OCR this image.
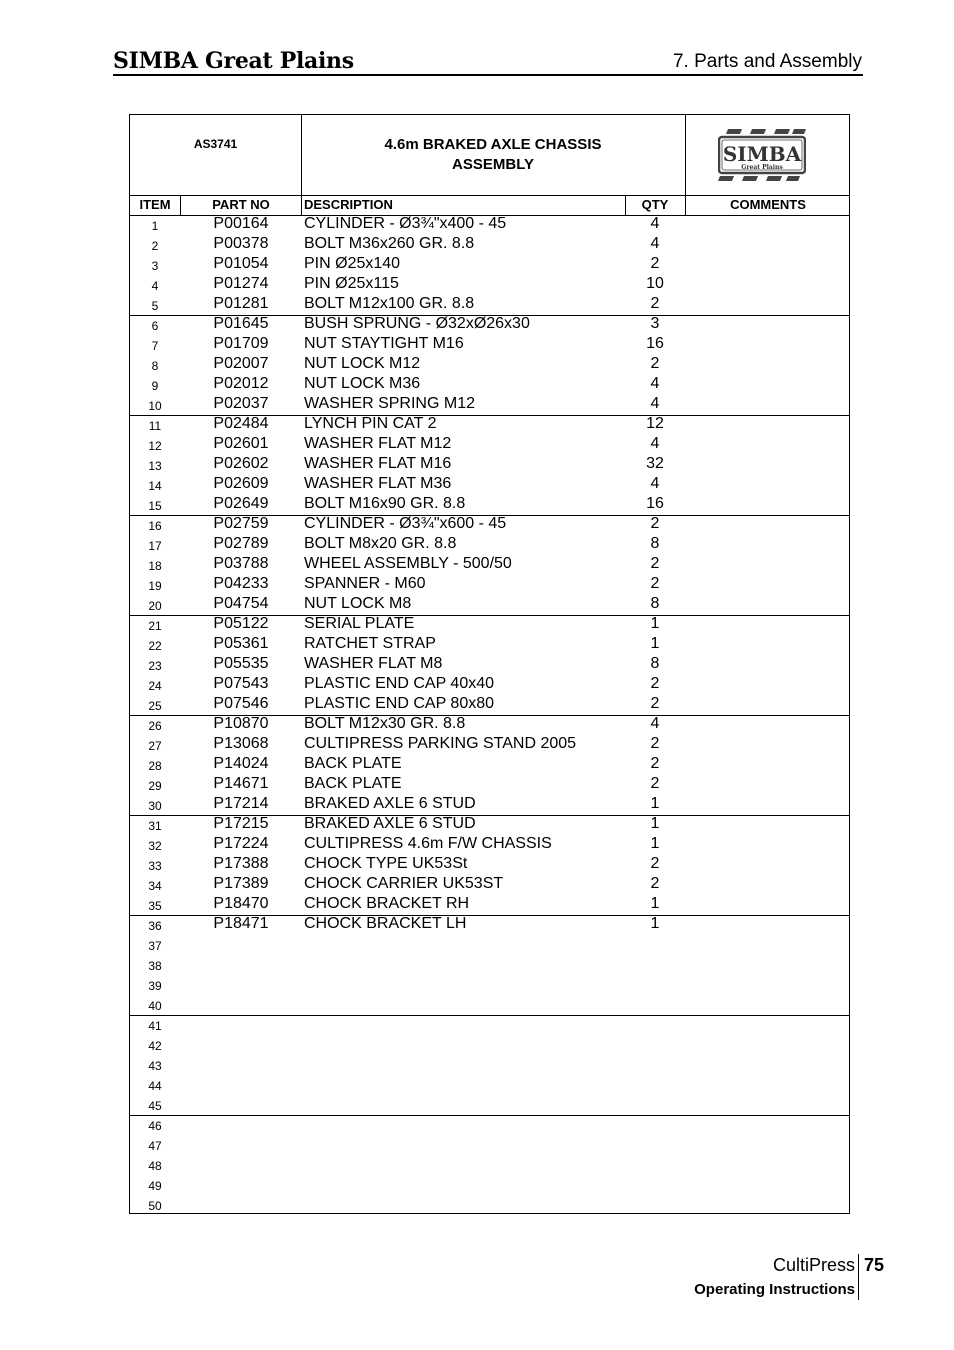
SIMBA Great Plains	7. Parts and Assembly
AS3741	4.6m BRAKED AXLE CHASSIS
ASSEMBLY	SIMBA
Great Plains
ITEM	PART NO	DESCRIPTION	QTY	COMMENTS
1	P00164	CYLINDER - Ø3¾"x400 - 45	4
2	P00378	BOLT M36x260 GR. 8.8	4
3	P01054	PIN Ø25x140	2
4	P01274	PIN Ø25x115	10
5	P01281	BOLT M12x100 GR. 8.8	2
6	P01645	BUSH SPRUNG - Ø32xØ26x30	3
7	P01709	NUT STAYTIGHT M16	16
8	P02007	NUT LOCK M12	2
9	P02012	NUT LOCK M36	4
10	P02037	WASHER SPRING M12	4
11	P02484	LYNCH PIN CAT 2	12
12	P02601	WASHER FLAT M12	4
13	P02602	WASHER FLAT M16	32
14	P02609	WASHER FLAT M36	4
15	P02649	BOLT M16x90 GR. 8.8	16
16	P02759	CYLINDER - Ø3¾"x600 - 45	2
17	P02789	BOLT M8x20 GR. 8.8	8
18	P03788	WHEEL ASSEMBLY - 500/50	2
19	P04233	SPANNER - M60	2
20	P04754	NUT LOCK M8	8
21	P05122	SERIAL PLATE	1
22	P05361	RATCHET STRAP	1
23	P05535	WASHER FLAT M8	8
24	P07543	PLASTIC END CAP 40x40	2
25	P07546	PLASTIC END CAP 80x80	2
26	P10870	BOLT M12x30 GR. 8.8	4
27	P13068	CULTIPRESS PARKING STAND 2005	2
28	P14024	BACK PLATE	2
29	P14671	BACK PLATE	2
30	P17214	BRAKED AXLE 6 STUD	1
31	P17215	BRAKED AXLE 6 STUD	1
32	P17224	CULTIPRESS 4.6m F/W CHASSIS	1
33	P17388	CHOCK TYPE UK53St	2
34	P17389	CHOCK CARRIER UK53ST	2
35	P18470	CHOCK BRACKET RH	1
36	P18471	CHOCK BRACKET LH	1
37
38
39
40
41
42
43
44
45
46
47
48
49
50
CultiPress 75
Operating Instructions
